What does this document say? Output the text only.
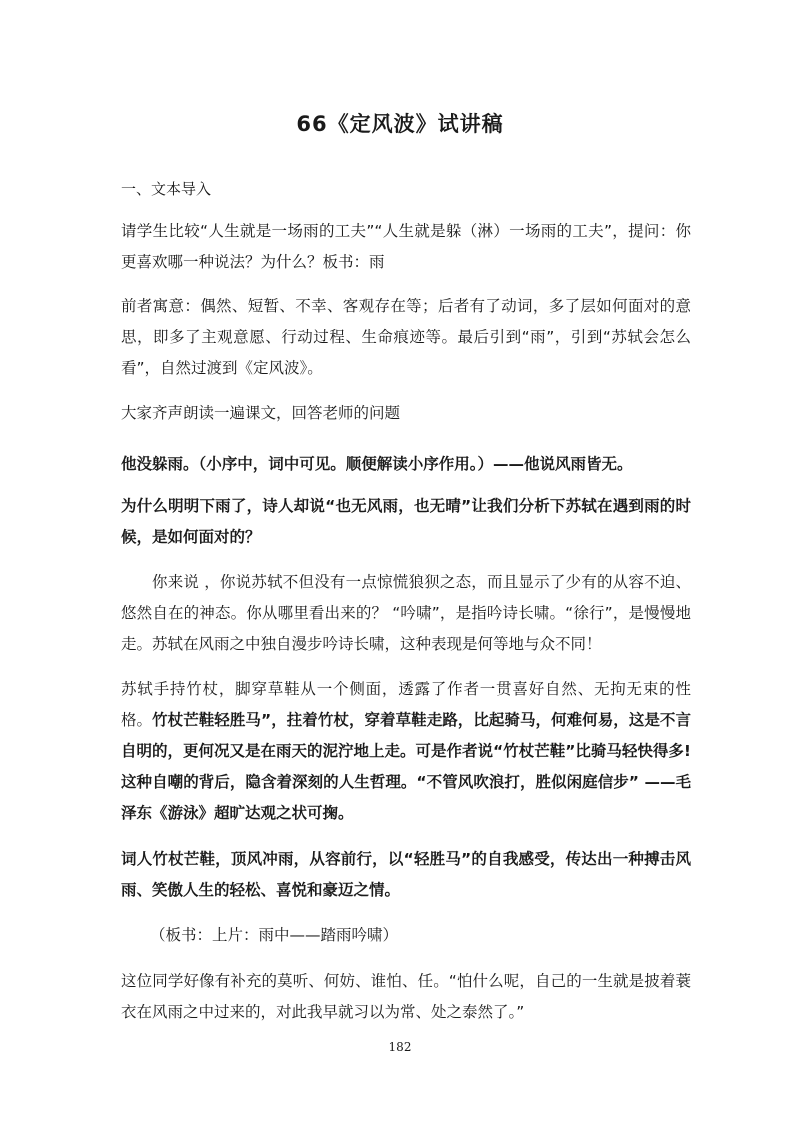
66《定风波》试讲稿
一、文本导入

请学生比较“人生就是一场雨的工夫”“人生就是躲（淋）一场雨的工夫”，提问：你更喜欢哪一种说法？为什么？板书：雨

前者寓意：偶然、短暂、不幸、客观存在等；后者有了动词，多了层如何面对的意思，即多了主观意愿、行动过程、生命痕迹等。最后引到“雨”，引到“苏轼会怎么看”，自然过渡到《定风波》。

大家齐声朗读一遍课文，回答老师的问题

他没躲雨。（小序中，词中可见。顺便解读小序作用。）——他说风雨皆无。

为什么明明下雨了，诗人却说“也无风雨，也无晴”让我们分析下苏轼在遇到雨的时候，是如何面对的？

你来说 ，你说苏轼不但没有一点惊慌狼狈之态，而且显示了少有的从容不迫、悠然自在的神态。你从哪里看出来的？ “吟啸”，是指吟诗长啸。“徐行”，是慢慢地走。苏轼在风雨之中独自漫步吟诗长啸，这种表现是何等地与众不同！

苏轼手持竹杖，脚穿草鞋从一个侧面，透露了作者一贯喜好自然、无拘无束的性格。竹杖芒鞋轻胜马”，拄着竹杖，穿着草鞋走路，比起骑马，何难何易，这是不言自明的，更何况又是在雨天的泥泞地上走。可是作者说“竹杖芒鞋”比骑马轻快得多!这种自嘲的背后，隐含着深刻的人生哲理。“不管风吹浪打，胜似闲庭信步” ——毛泽东《游泳》超旷达观之状可掬。

词人竹杖芒鞋，顶风冲雨，从容前行，以“轻胜马”的自我感受，传达出一种搏击风雨、笑傲人生的轻松、喜悦和豪迈之情。

（板书：上片：雨中——踏雨吟啸）

这位同学好像有补充的莫听、何妨、谁怕、任。“怕什么呢，自己的一生就是披着蓑衣在风雨之中过来的，对此我早就习以为常、处之泰然了。”

182
